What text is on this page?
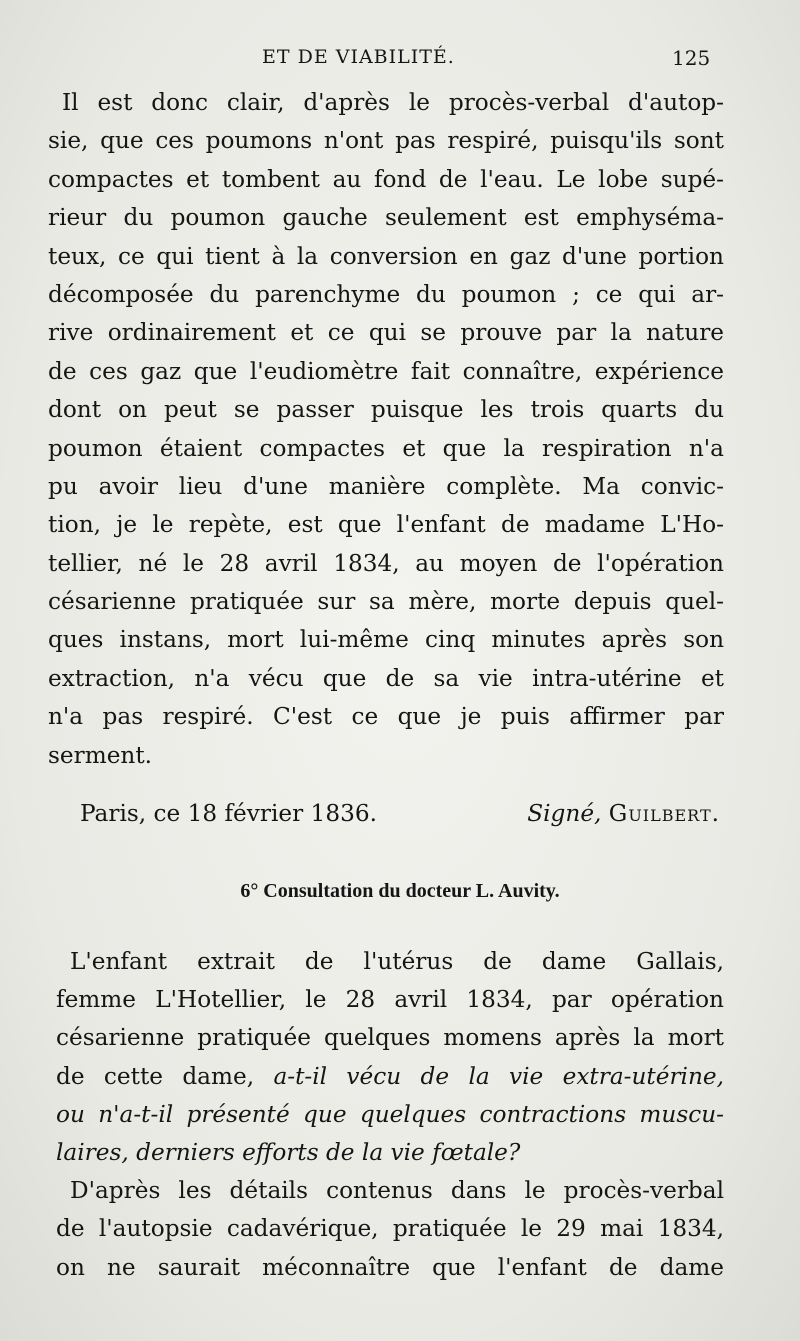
ET DE VIABILITÉ.	125
Il est donc clair, d'après le procès-verbal d'autop-
sie, que ces poumons n'ont pas respiré, puisqu'ils sont
compactes et tombent au fond de l'eau. Le lobe supé-
rieur du poumon gauche seulement est emphyséma-
teux, ce qui tient à la conversion en gaz d'une portion
décomposée du parenchyme du poumon ; ce qui ar-
rive ordinairement et ce qui se prouve par la nature
de ces gaz que l'eudiomètre fait connaître, expérience
dont on peut se passer puisque les trois quarts du
poumon étaient compactes et que la respiration n'a
pu avoir lieu d'une manière complète. Ma convic-
tion, je le repète, est que l'enfant de madame L'Ho-
tellier, né le 28 avril 1834, au moyen de l'opération
césarienne pratiquée sur sa mère, morte depuis quel-
ques instans, mort lui-même cinq minutes après son
extraction, n'a vécu que de sa vie intra-utérine et
n'a pas respiré. C'est ce que je puis affirmer par
serment.
Paris, ce 18 février 1836.	Signé, Guilbert.
6° Consultation du docteur L. Auvity.
L'enfant extrait de l'utérus de dame Gallais,
femme L'Hotellier, le 28 avril 1834, par opération
césarienne pratiquée quelques momens après la mort
de cette dame, a-t-il vécu de la vie extra-utérine,
ou n'a-t-il présenté que quelques contractions muscu-
laires, derniers efforts de la vie fœtale?
D'après les détails contenus dans le procès-verbal
de l'autopsie cadavérique, pratiquée le 29 mai 1834,
on ne saurait méconnaître que l'enfant de dame
